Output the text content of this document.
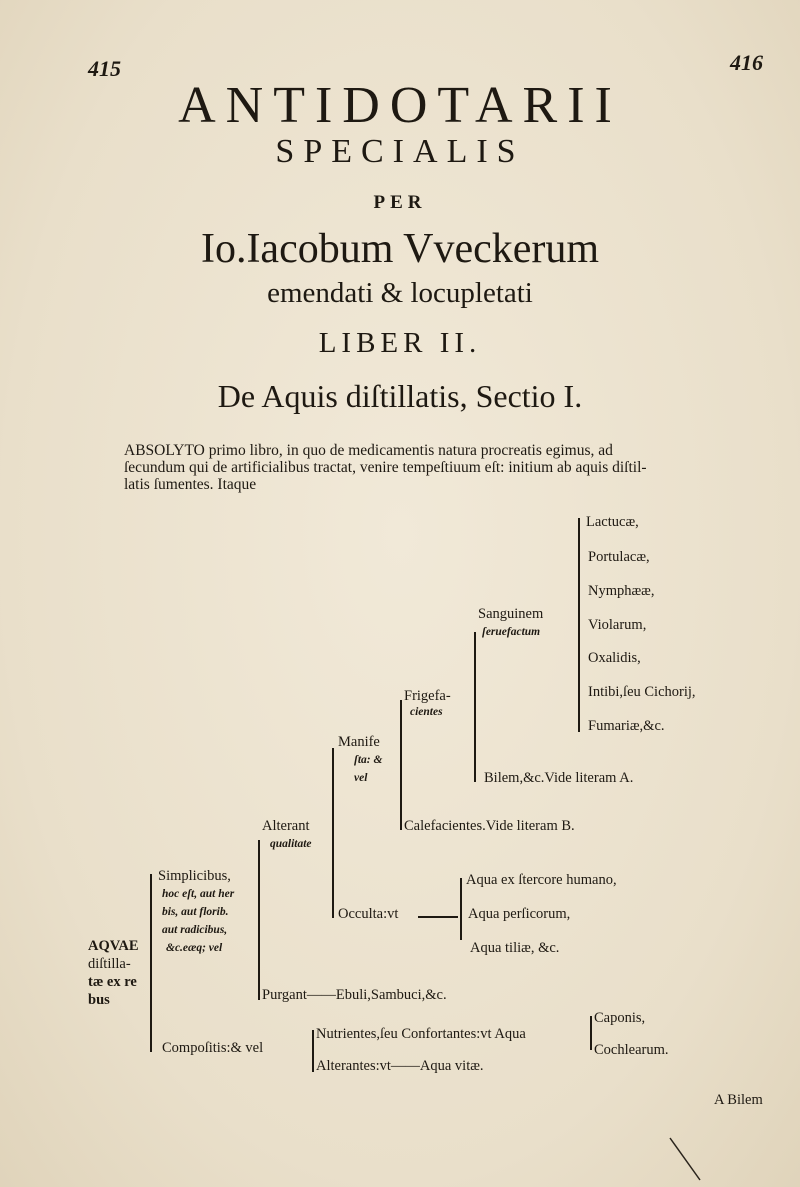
415	416
ANTIDOTARII
SPECIALIS
PER
Io.Iacobum Vveckerum
emendati & locupletati
LIBER II.
De Aquis diſtillatis, Sectio I.
ABSOLYTO primo libro, in quo de medicamentis natura procreatis egimus, ad
ſecundum qui de artificialibus tractat, venire tempeſtiuum eſt: initium ab aquis diſtil-
latis ſumentes. Itaque
AQVAE
diſtilla-
tæ ex re
bus
Simplicibus,
hoc eſt, aut her
bis, aut florib.
aut radicibus,
&c.eæq; vel
Alterant
qualitate
Manife
ſta: &
vel
Frigefa-
cientes
Sanguinem
ſeruefactum
Lactucæ,
Portulacæ,
Nymphææ,
Violarum,
Oxalidis,
Intibi,ſeu Cichorij,
Fumariæ,&c.
Bilem,&c.Vide literam A.
Calefacientes.Vide literam B.
Occulta:vt
Aqua ex ſtercore humano,
Aqua perſicorum,
Aqua tiliæ, &c.
Purgant——Ebuli,Sambuci,&c.
Compoſitis:& vel
Nutrientes,ſeu Confortantes:vt Aqua
Caponis,
Cochlearum.
Alterantes:vt——Aqua vitæ.
A Bilem
